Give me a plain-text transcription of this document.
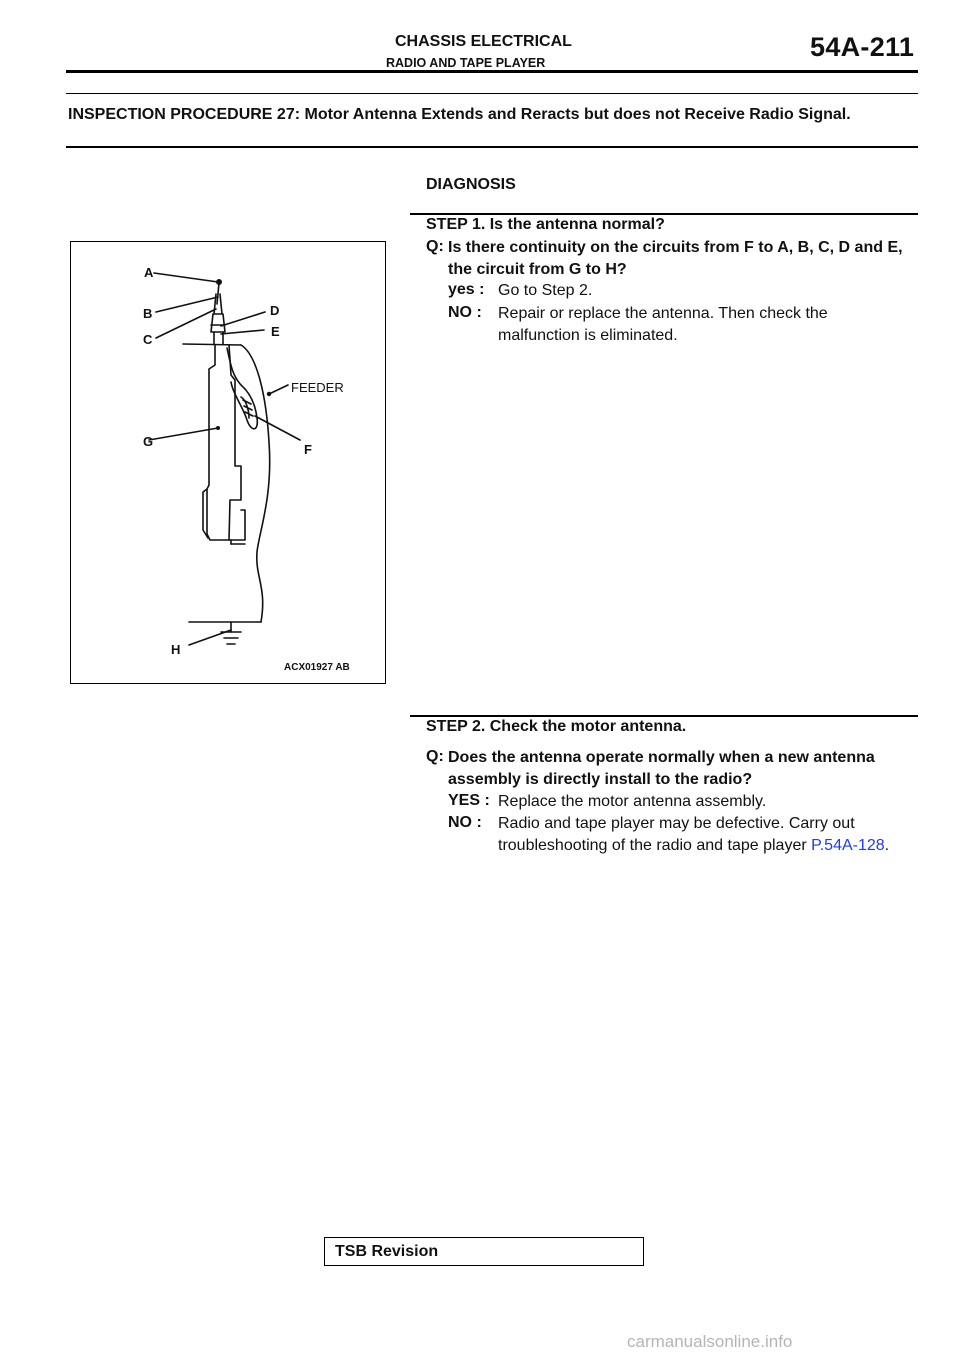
CHASSIS ELECTRICAL
RADIO AND TAPE PLAYER
54A-211
INSPECTION PROCEDURE 27: Motor Antenna Extends and Reracts but does not Receive Radio Signal.
DIAGNOSIS
STEP 1. Is the antenna normal?
Q: Is there continuity on the circuits from F to A, B, C, D and E, the circuit from G to H?
yes : Go to Step 2.
NO : Repair or replace the antenna. Then check the malfunction is eliminated.
STEP 2. Check the motor antenna.
Q: Does the antenna operate normally when a new antenna assembly is directly install to the radio?
YES : Replace the motor antenna assembly.
NO : Radio and tape player may be defective. Carry out troubleshooting of the radio and tape player P.54A-128.
A
B
C
D
E
FEEDER
G
F
H
ACX01927 AB
TSB Revision
carmanualsonline.info
